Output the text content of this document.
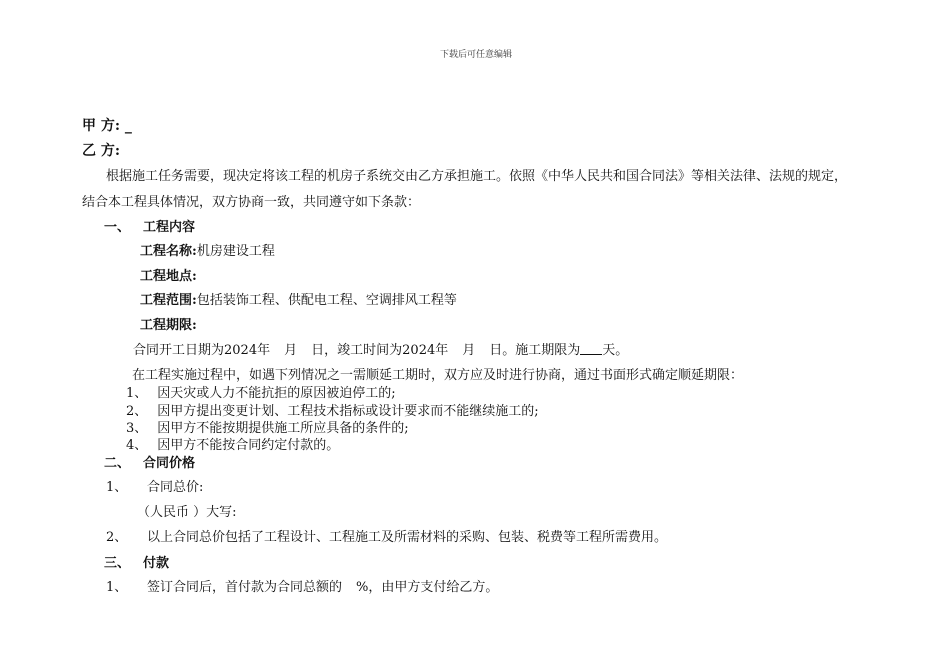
下载后可任意编辑
甲 方: _
乙 方:
根据施工任务需要，现决定将该工程的机房子系统交由乙方承担施工。依照《中华人民共和国合同法》等相关法律、法规的规定，
结合本工程具体情况，双方协商一致，共同遵守如下条款：
一、 工程内容
工程名称:机房建设工程
工程地点:
工程范围:包括装饰工程、供配电工程、空调排风工程等
工程期限:
合同开工日期为2024年 月 日，竣工时间为2024年 月 日。施工期限为 天。
在工程实施过程中，如遇下列情况之一需顺延工期时，双方应及时进行协商，通过书面形式确定顺延期限：
1、 因天灾或人力不能抗拒的原因被迫停工的;
2、 因甲方提出变更计划、工程技术指标或设计要求而不能继续施工的;
3、 因甲方不能按期提供施工所应具备的条件的;
4、 因甲方不能按合同约定付款的。
二、 合同价格
1、 合同总价:
（人民币 ）大写:
2、 以上合同总价包括了工程设计、工程施工及所需材料的采购、包装、税费等工程所需费用。
三、 付款
1、 签订合同后，首付款为合同总额的 %，由甲方支付给乙方。
